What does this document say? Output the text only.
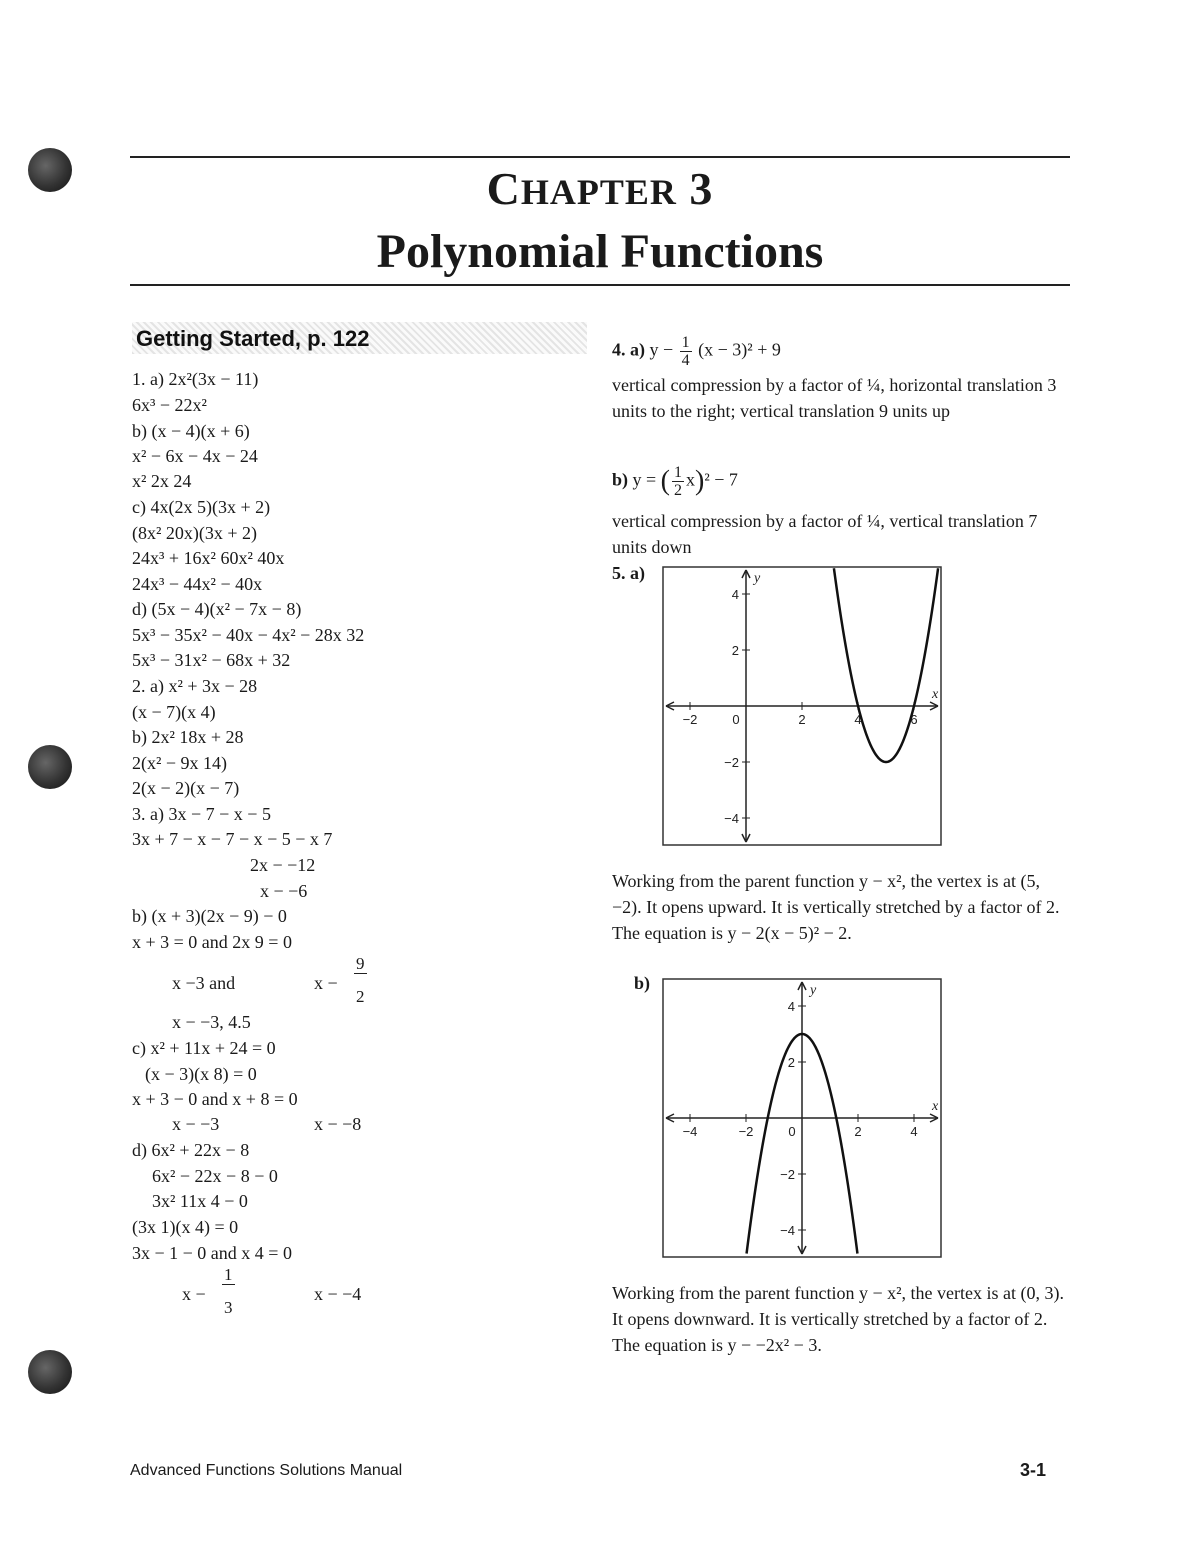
CHAPTER 3
Polynomial Functions
Getting Started, p. 122
1. a) 2x²(3x − 11)
6x³ − 22x²
b) (x − 4)(x + 6)
x² − 6x − 4x − 24
x² 2x 24
c) 4x(2x 5)(3x + 2)
(8x² 20x)(3x + 2)
24x³ + 16x² 60x² 40x
24x³ − 44x² − 40x
d) (5x − 4)(x² − 7x − 8)
5x³ − 35x² − 40x − 4x² − 28x 32
5x³ − 31x² − 68x + 32
2. a) x² + 3x − 28
(x − 7)(x 4)
b) 2x² 18x + 28
2(x² − 9x 14)
2(x − 2)(x − 7)
3. a) 3x − 7 − x − 5
3x + 7 − x − 7 − x − 5 − x 7
2x − −12
x − −6
b) (x + 3)(2x − 9) − 0
x + 3 = 0 and 2x 9 = 0
x −3 and	x −
9
2
x − −3, 4.5
c) x² + 11x + 24 = 0
(x − 3)(x 8) = 0
x + 3 − 0 and x + 8 = 0
x − −3	x − −8
d) 6x² + 22x − 8
6x² − 22x − 8 − 0
3x² 11x 4 − 0
(3x 1)(x 4) = 0
3x − 1 − 0 and x 4 = 0
x −
1
3
x − −4
4. a) $y - \frac{1}{4} (x - 3)^2 + 9$
vertical compression by a factor of ¼, horizontal translation 3 units to the right; vertical translation 9 units up
b) y = ( $\frac{1}{2} x)^2 - 7$
vertical compression by a factor of ¼, vertical translation 7 units down
5. a)
−2	0	2	4	6
4
2
−2
−4
x
y
Working from the parent function y − x², the vertex is at (5, −2). It opens upward. It is vertically stretched by a factor of 2. The equation is y − 2(x − 5)² − 2.
b)
−4	−2	0	2	4
4
2
−2
−4
x
y
Working from the parent function y − x², the vertex is at (0, 3). It opens downward. It is vertically stretched by a factor of 2. The equation is y − −2x² − 3.
Advanced Functions Solutions Manual	3-1
